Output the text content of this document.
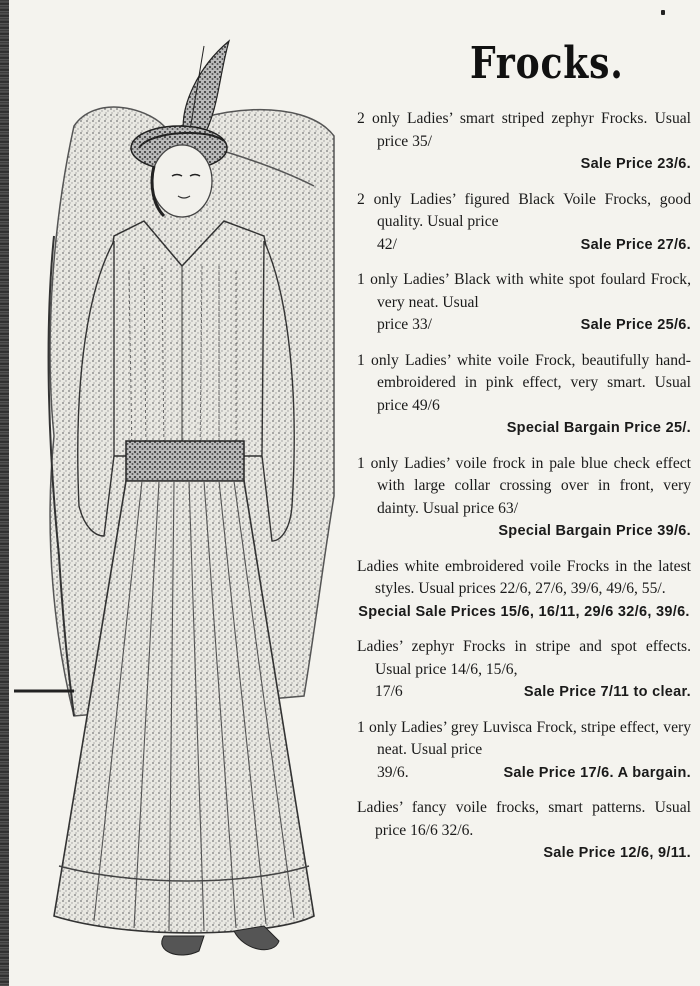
Frocks.
2 only Ladies’ smart striped zephyr Frocks. Usual price 35/
Sale Price 23/6.
2 only Ladies’ figured Black Voile Frocks, good quality. Usual price
42/	Sale Price 27/6.
1 only Ladies’ Black with white spot foulard Frock, very neat. Usual
price 33/	Sale Price 25/6.
1 only Ladies’ white voile Frock, beautifully hand-embroidered in pink effect, very smart. Usual price 49/6
Special Bargain Price 25/.
1 only Ladies’ voile frock in pale blue check effect with large collar crossing over in front, very dainty. Usual price 63/
Special Bargain Price 39/6.
Ladies white embroidered voile Frocks in the latest styles. Usual prices 22/6, 27/6, 39/6, 49/6, 55/.
Special Sale Prices 15/6, 16/11, 29/6 32/6, 39/6.
Ladies’ zephyr Frocks in stripe and spot effects. Usual price 14/6, 15/6,
17/6	Sale Price 7/11 to clear.
1 only Ladies’ grey Luvisca Frock, stripe effect, very neat. Usual price
39/6.	Sale Price 17/6. A bargain.
Ladies’ fancy voile frocks, smart patterns. Usual price 16/6 32/6.
Sale Price 12/6, 9/11.
